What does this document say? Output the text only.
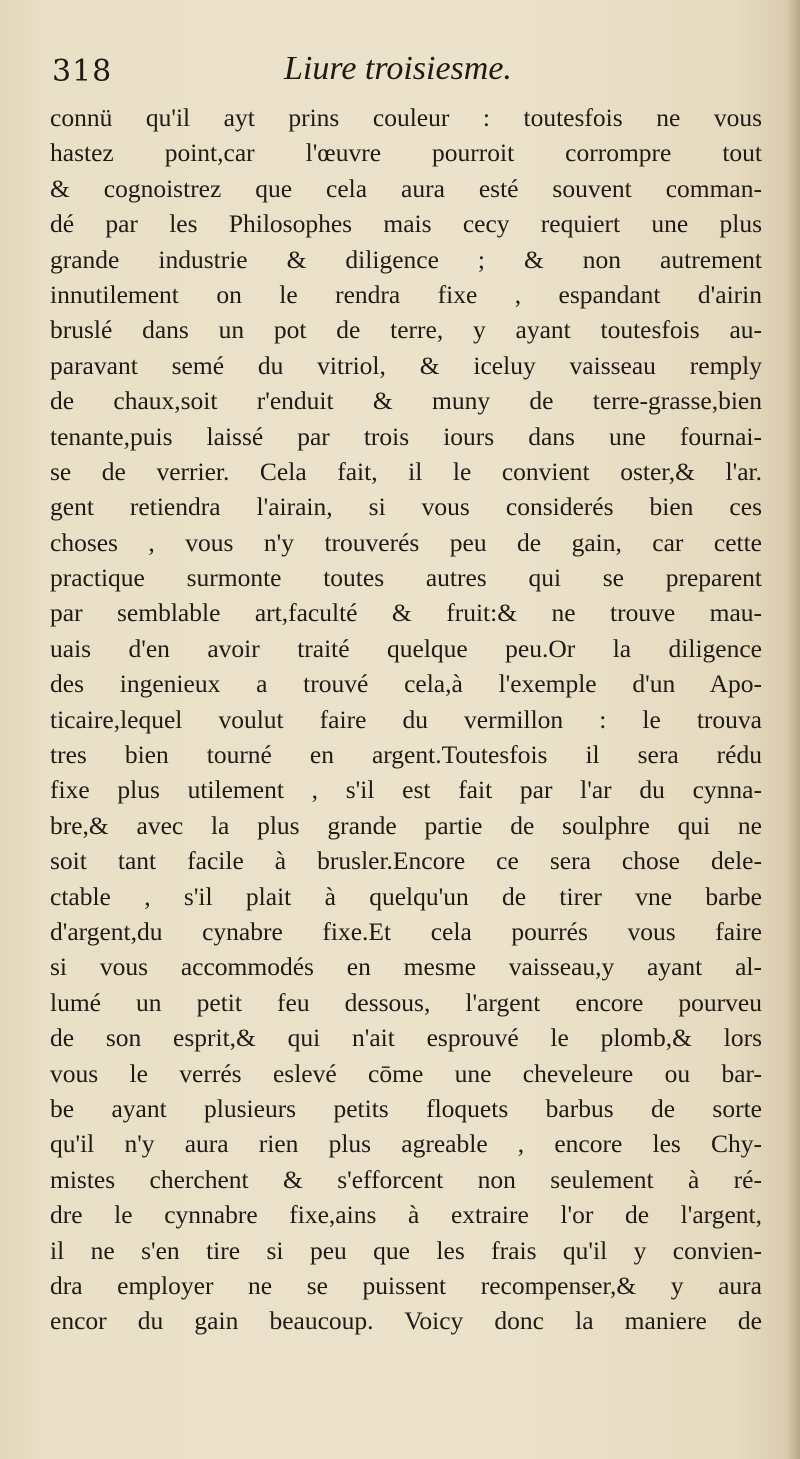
318	Liure troisiesme.
connü qu'il ayt prins couleur : toutesfois ne vous
hastez point,car l'œuvre pourroit corrompre tout
& cognoistrez que cela aura esté souvent comman-
dé par les Philosophes mais cecy requiert une plus
grande industrie & diligence ; & non autrement
innutilement on le rendra fixe , espandant d'airin
bruslé dans un pot de terre, y ayant toutesfois au-
paravant semé du vitriol, & iceluy vaisseau remply
de chaux,soit r'enduit & muny de terre-grasse,bien
tenante,puis laissé par trois iours dans une fournai-
se de verrier. Cela fait, il le convient oster,& l'ar.
gent retiendra l'airain, si vous considerés bien ces
choses , vous n'y trouverés peu de gain, car cette
practique surmonte toutes autres qui se preparent
par semblable art,faculté & fruit:& ne trouve mau-
uais d'en avoir traité quelque peu.Or la diligence
des ingenieux a trouvé cela,à l'exemple d'un Apo-
ticaire,lequel voulut faire du vermillon : le trouva
tres bien tourné en argent.Toutesfois il sera rédu
fixe plus utilement , s'il est fait par l'ar du cynna-
bre,& avec la plus grande partie de soulphre qui ne
soit tant facile à brusler.Encore ce sera chose dele-
ctable , s'il plait à quelqu'un de tirer vne barbe
d'argent,du cynabre fixe.Et cela pourrés vous faire
si vous accommodés en mesme vaisseau,y ayant al-
lumé un petit feu dessous, l'argent encore pourveu
de son esprit,& qui n'ait esprouvé le plomb,& lors
vous le verrés eslevé cōme une cheveleure ou bar-
be ayant plusieurs petits floquets barbus de sorte
qu'il n'y aura rien plus agreable , encore les Chy-
mistes cherchent & s'efforcent non seulement à ré-
dre le cynnabre fixe,ains à extraire l'or de l'argent,
il ne s'en tire si peu que les frais qu'il y convien-
dra employer ne se puissent recompenser,& y aura
encor du gain beaucoup. Voicy donc la maniere de
